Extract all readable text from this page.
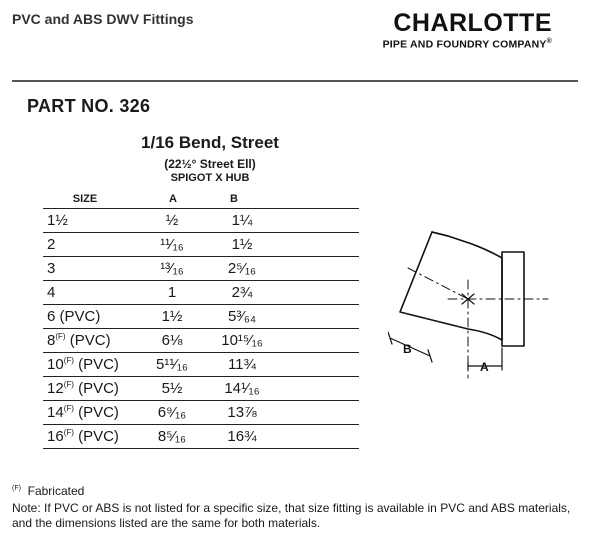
PVC and ABS DWV Fittings	CHARLOTTE
PIPE AND FOUNDRY COMPANY®
PART NO. 326
1/16 Bend, Street
(22½° Street Ell)
SPIGOT X HUB
SIZE	A	B
1½	½	1¼
2	¹¹⁄₁₆	1½
3	¹³⁄₁₆	2⁵⁄₁₆
4	1	2¾
6 (PVC)	1½	5³⁄₆₄
$8^{(F)}$ (PVC)	6⅛	10¹⁵⁄₁₆
$10^{(F)}$ (PVC)	5¹¹⁄₁₆	11¾
$12^{(F)}$ (PVC)	5½	14¹⁄₁₆
$14^{(F)}$ (PVC)	6⁹⁄₁₆	13⅞
$16^{(F)}$ (PVC)	8⁵⁄₁₆	16¾
A
B
$^{(F)}$ Fabricated
Note: If PVC or ABS is not listed for a specific size, that size fitting is available in PVC and ABS materials, and the dimensions listed are the same for both materials.
